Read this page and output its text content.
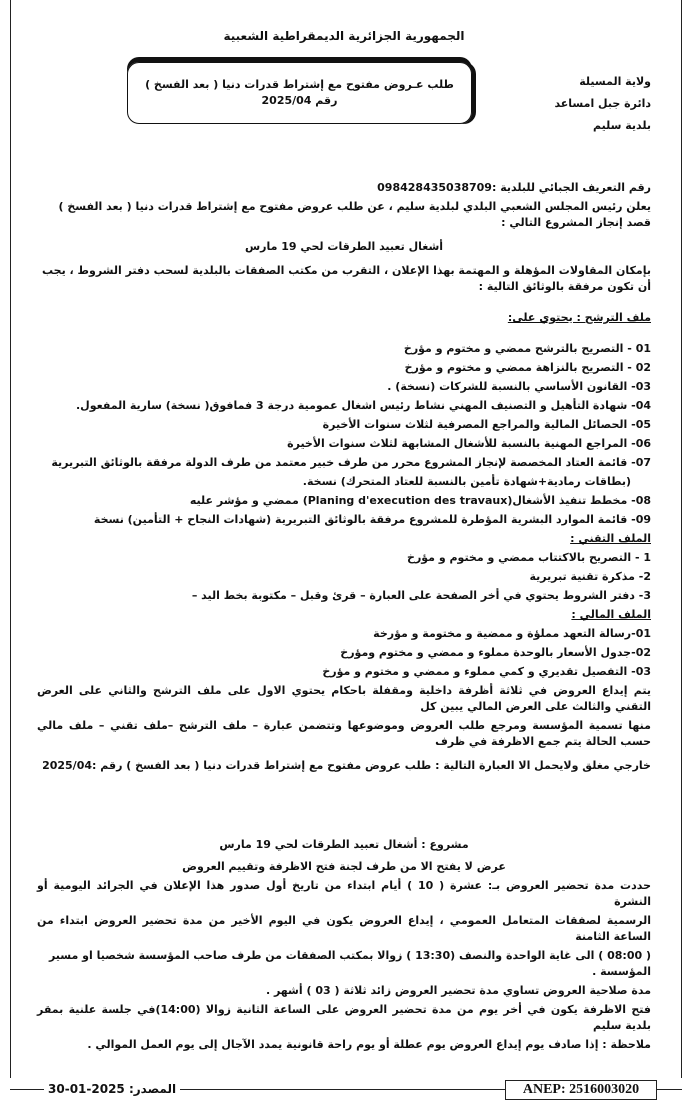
الجمهورية الجزائرية الديمقراطية الشعبية
ولاية المسيلة
دائرة جبل امساعد
بلدية سليم
طلب عـروض مفتوح مع إشتراط قدرات دنيا ( بعد الفسخ ) رقم 2025/04
رقم التعريف الجبائي للبلدية :098428435038709
يعلن رئيس المجلس الشعبي البلدي لبلدية سليم ، عن طلب عروض مفتوح مع إشتراط قدرات دنيا ( بعد الفسخ ) قصد إنجاز المشروع التالي :
أشغال تعبيد الطرقات لحي 19 مارس
بإمكان المقاولات المؤهلة و المهتمة بهذا الإعلان ، التقرب من مكتب الصفقات بالبلدية لسحب دفتر الشروط ، يجب أن تكون مرفقة بالوثائق التالية :
ملف الترشح : يحتوي على:
01 - التصريح بالترشح ممضي و مختوم و مؤرخ
02 - التصريح بالنزاهة ممضي و مختوم و مؤرخ
03- القانون الأساسي بالنسبة للشركات (نسخة) .
04- شهادة التأهيل و التصنيف المهني نشاط رئيس اشغال عمومية درجة 3 فمافوق( نسخة) سارية المفعول.
05- الحصائل المالية والمراجع المصرفية لثلاث سنوات الأخيرة
06- المراجع المهنية بالنسبة للأشغال المشابهة لثلاث سنوات الأخيرة
07- قائمة العتاد المخصصة لإنجاز المشروع محرر من طرف خبير معتمد من طرف الدولة مرفقة بالوثائق التبريرية
(بطاقات رمادية+شهادة تأمين بالنسبة للعتاد المتحرك) نسخة.
08- مخطط تنفيذ الأشغال(Planing d'execution des travaux) ممضي و مؤشر عليه
09- قائمة الموارد البشرية المؤطرة للمشروع مرفقة بالوثائق التبريرية (شهادات النجاح + التأمين) نسخة
الملف التقني :
1 - التصريح بالاكتتاب ممضي و مختوم و مؤرخ
2- مذكرة تقنية تبريرية
3- دفتر الشروط يحتوي في أخر الصفحة على العبارة – قرئ وقبل – مكتوبة بخط اليد –
الملف المالي :
01-رسالة التعهد مملؤة و ممضية و مختومة و مؤرخة
02-جدول الأسعار بالوحدة مملوء و ممضي و مختوم ومؤرخ
03- التفصيل تقديري و كمي مملوء و ممضي و مختوم و مؤرخ
يتم إيداع العروض في ثلاثة أظرفة داخلية ومقفلة باحكام يحتوي الاول على ملف الترشح والثاني على العرض التقني والثالث على العرض المالي يبين كل
منها تسمية المؤسسة ومرجع طلب العروض وموضوعها وتتضمن عبارة – ملف الترشح –ملف تقني – ملف مالي حسب الحالة يتم جمع الاظرفة في ظرف
خارجي مغلق ولايحمل الا العبارة التالية : طلب عروض مفتوح مع إشتراط قدرات دنيا ( بعد الفسخ ) رقم :2025/04
مشروع : أشغال تعبيد الطرقات لحي 19 مارس
عرض لا يفتح الا من طرف لجنة فتح الاظرفة وتقييم العروض
حددت مدة تحضير العروض بـ: عشرة ( 10 ) أيام ابتداء من تاريخ أول صدور هذا الإعلان في الجرائد اليومية أو النشرة
الرسمية لصفقات المتعامل العمومي ، إيداع العروض يكون في اليوم الأخير من مدة تحضير العروض ابتداء من الساعة الثامنة
( 08:00 ) الى غاية الواحدة والنصف (13:30 ) زوالا بمكتب الصفقات من طرف صاحب المؤسسة شخصيا او مسير المؤسسة .
مدة صلاحية العروض تساوي مدة تحضير العروض زائد ثلاثة ( 03 ) أشهر .
فتح الاظرفة يكون في أخر يوم من مدة تحضير العروض على الساعة الثانية زوالا (14:00)في جلسة علنية بمقر بلدية سليم
ملاحظة : إذا صادف يوم إيداع العروض يوم عطلة أو يوم راحة قانونية يمدد الآجال إلى يوم العمل الموالي .
المصدر: 2025-01-30	ANEP: 2516003020
